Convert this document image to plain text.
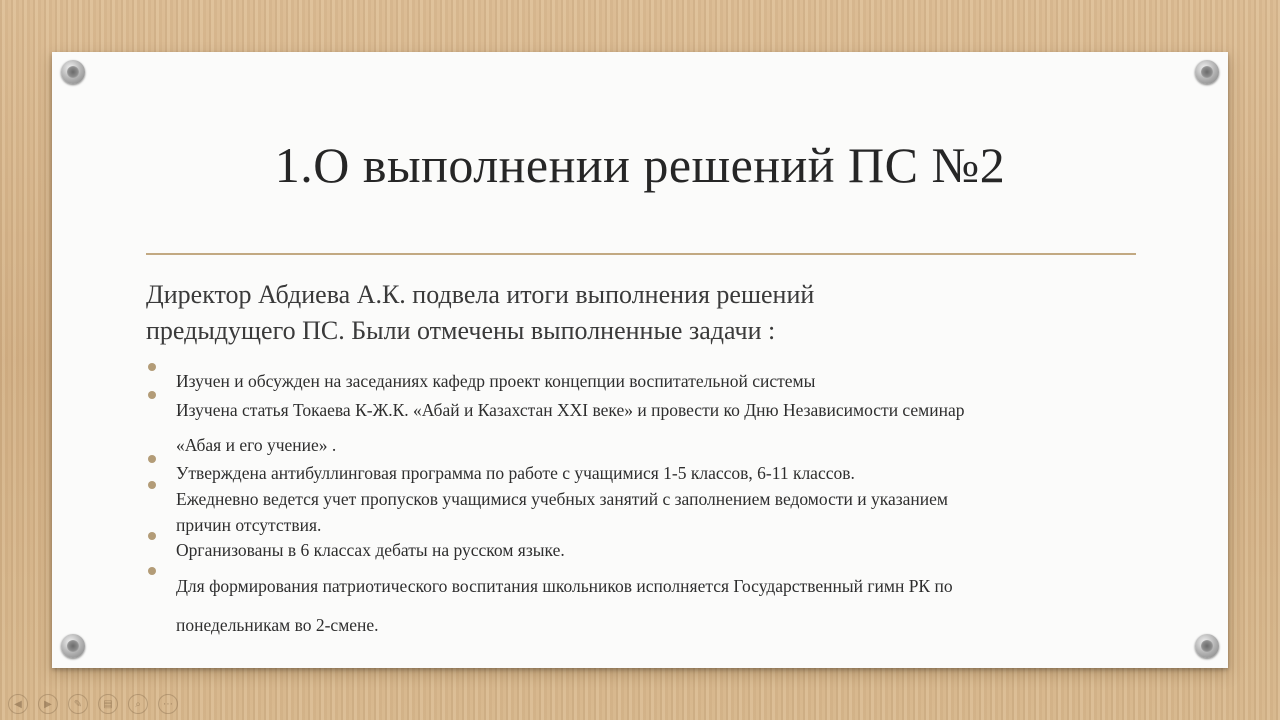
1.О выполнении решений ПС №2
Директор Абдиева А.К. подвела итоги выполнения решений
предыдущего ПС. Были отмечены выполненные задачи :
Изучен и обсужден на заседаниях кафедр проект концепции воспитательной системы
Изучена статья Токаева К-Ж.К. «Абай и Казахстан XXI веке» и провести ко Дню Независимости семинар
«Абая и его учение» .
Утверждена антибуллинговая программа по работе с учащимися 1-5 классов, 6-11 классов.
Ежедневно ведется учет пропусков учащимися учебных занятий с заполнением ведомости и указанием
причин отсутствия.
Организованы в 6 классах дебаты на русском языке.
Для формирования патриотического воспитания школьников исполняется Государственный гимн РК по
понедельникам во 2-смене.
◀	▶	✎	▤	⌕	⋯
